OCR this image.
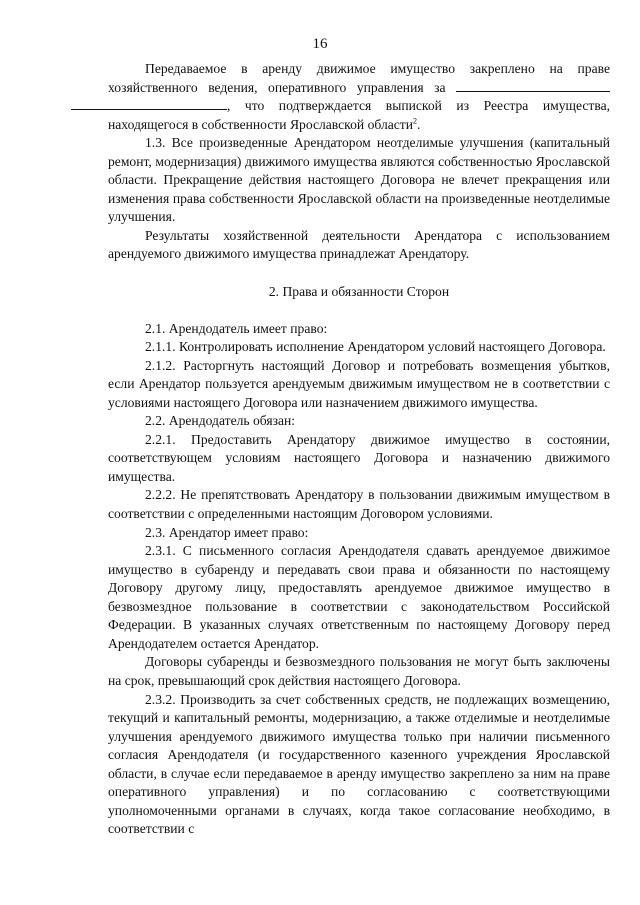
16

Передаваемое в аренду движимое имущество закреплено на праве хозяйственного ведения, оперативного управления за  , что подтверждается выпиской из Реестра имущества, находящегося в собственности Ярославской области$^2$.

1.3. Все произведенные Арендатором неотделимые улучшения (капитальный ремонт, модернизация) движимого имущества являются собственностью Ярославской области. Прекращение действия настоящего Договора не влечет прекращения или изменения права собственности Ярославской области на произведенные неотделимые улучшения.

Результаты хозяйственной деятельности Арендатора с использованием арендуемого движимого имущества принадлежат Арендатору.

2. Права и обязанности Сторон

2.1. Арендодатель имеет право:

2.1.1. Контролировать исполнение Арендатором условий настоящего Договора.

2.1.2. Расторгнуть настоящий Договор и потребовать возмещения убытков, если Арендатор пользуется арендуемым движимым имуществом не в соответствии с условиями настоящего Договора или назначением движимого имущества.

2.2. Арендодатель обязан:

2.2.1. Предоставить Арендатору движимое имущество в состоянии, соответствующем условиям настоящего Договора и назначению движимого имущества.

2.2.2. Не препятствовать Арендатору в пользовании движимым имуществом в соответствии с определенными настоящим Договором условиями.

2.3. Арендатор имеет право:

2.3.1. С письменного согласия Арендодателя сдавать арендуемое движимое имущество в субаренду и передавать свои права и обязанности по настоящему Договору другому лицу, предоставлять арендуемое движимое имущество в безвозмездное пользование в соответствии с законодательством Российской Федерации. В указанных случаях ответственным по настоящему Договору перед Арендодателем остается Арендатор.

Договоры субаренды и безвозмездного пользования не могут быть заключены на срок, превышающий срок действия настоящего Договора.

2.3.2. Производить за счет собственных средств, не подлежащих возмещению, текущий и капитальный ремонты, модернизацию, а также отделимые и неотделимые улучшения арендуемого движимого имущества только при наличии письменного согласия Арендодателя (и государственного казенного учреждения Ярославской области, в случае если передаваемое в аренду имущество закреплено за ним на праве оперативного управления) и по согласованию с соответствующими уполномоченными органами в случаях, когда такое согласование необходимо, в соответствии с
